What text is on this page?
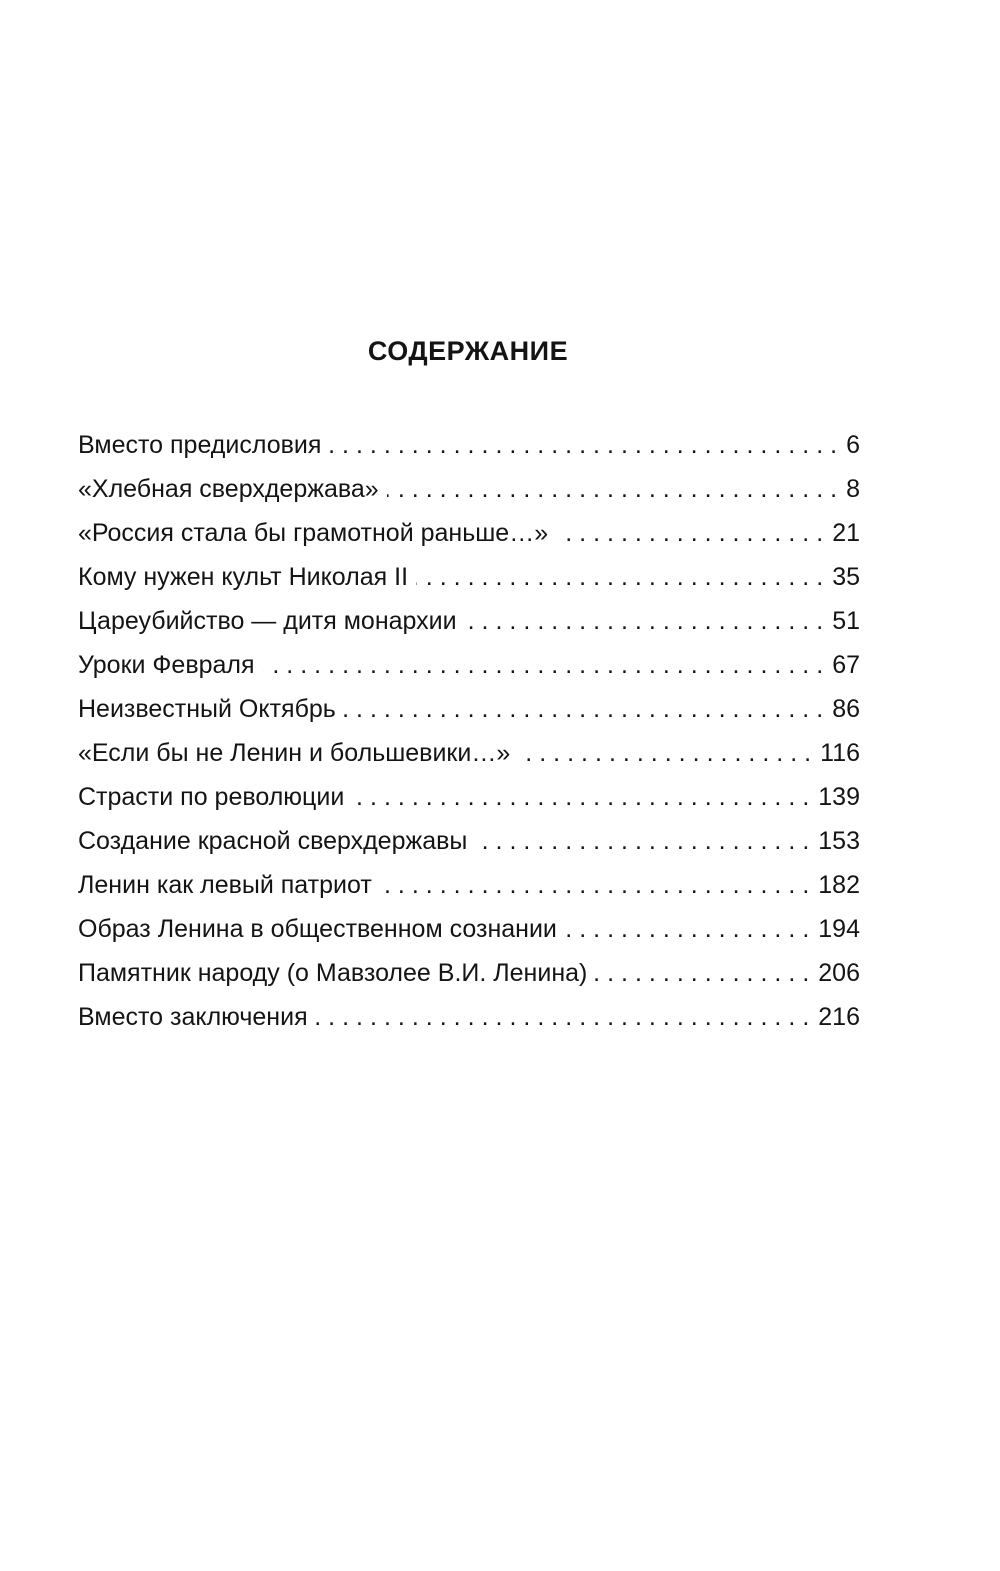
СОДЕРЖАНИЕ
Вместо предисловия .....	6
«Хлебная сверхдержава» .....	8
«Россия стала бы грамотной раньше…» .....	21
Кому нужен культ Николая II .....	35
Цареубийство — дитя монархии .....	51
Уроки Февраля .....	67
Неизвестный Октябрь .....	86
«Если бы не Ленин и большевики…» .....	116
Страсти по революции .....	139
Создание красной сверхдержавы .....	153
Ленин как левый патриот .....	182
Образ Ленина в общественном сознании .....	194
Памятник народу (о Мавзолее В.И. Ленина) .....	206
Вместо заключения .....	216
